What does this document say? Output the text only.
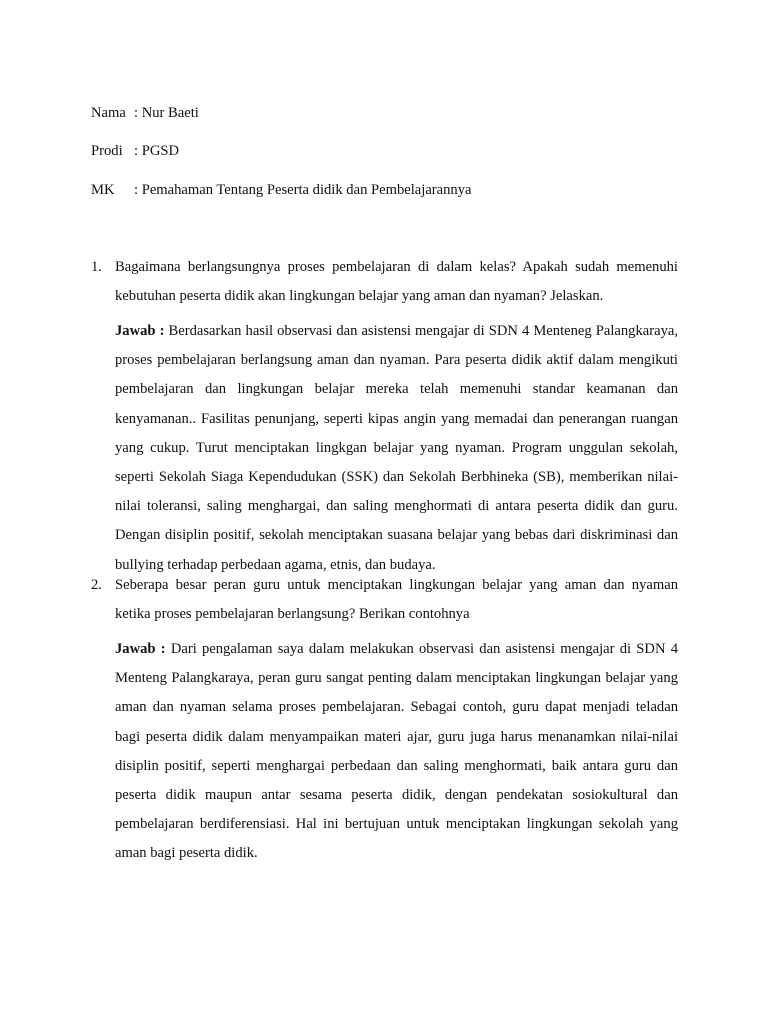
Nama : Nur Baeti
Prodi : PGSD
MK : Pemahaman Tentang Peserta didik dan Pembelajarannya
1. Bagaimana berlangsungnya proses pembelajaran di dalam kelas? Apakah sudah memenuhi kebutuhan peserta didik akan lingkungan belajar yang aman dan nyaman? Jelaskan.
Jawab : Berdasarkan hasil observasi dan asistensi mengajar di SDN 4 Menteneg Palangkaraya, proses pembelajaran berlangsung aman dan nyaman. Para peserta didik aktif dalam mengikuti pembelajaran dan lingkungan belajar mereka telah memenuhi standar keamanan dan kenyamanan.. Fasilitas penunjang, seperti kipas angin yang memadai dan penerangan ruangan yang cukup. Turut menciptakan lingkgan belajar yang nyaman. Program unggulan sekolah, seperti Sekolah Siaga Kependudukan (SSK) dan Sekolah Berbhineka (SB), memberikan nilai-nilai toleransi, saling menghargai, dan saling menghormati di antara peserta didik dan guru. Dengan disiplin positif, sekolah menciptakan suasana belajar yang bebas dari diskriminasi dan bullying terhadap perbedaan agama, etnis, dan budaya.
2. Seberapa besar peran guru untuk menciptakan lingkungan belajar yang aman dan nyaman ketika proses pembelajaran berlangsung? Berikan contohnya
Jawab : Dari pengalaman saya dalam melakukan observasi dan asistensi mengajar di SDN 4 Menteng Palangkaraya, peran guru sangat penting dalam menciptakan lingkungan belajar yang aman dan nyaman selama proses pembelajaran. Sebagai contoh, guru dapat menjadi teladan bagi peserta didik dalam menyampaikan materi ajar, guru juga harus menanamkan nilai-nilai disiplin positif, seperti menghargai perbedaan dan saling menghormati, baik antara guru dan peserta didik maupun antar sesama peserta didik, dengan pendekatan sosiokultural dan pembelajaran berdiferensiasi. Hal ini bertujuan untuk menciptakan lingkungan sekolah yang aman bagi peserta didik.
